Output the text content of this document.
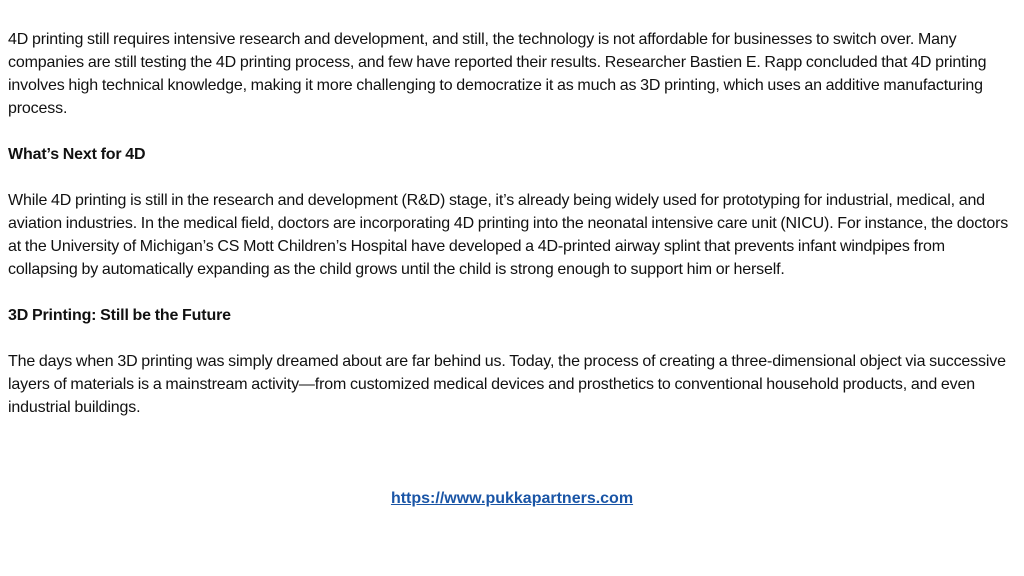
4D printing still requires intensive research and development, and still, the technology is not affordable for businesses to switch over. Many companies are still testing the 4D printing process, and few have reported their results. Researcher Bastien E. Rapp concluded that 4D printing involves high technical knowledge, making it more challenging to democratize it as much as 3D printing, which uses an additive manufacturing process.

What’s Next for 4D

While 4D printing is still in the research and development (R&D) stage, it’s already being widely used for prototyping for industrial, medical, and aviation industries. In the medical field, doctors are incorporating 4D printing into the neonatal intensive care unit (NICU). For instance, the doctors at the University of Michigan’s CS Mott Children’s Hospital have developed a 4D-printed airway splint that prevents infant windpipes from collapsing by automatically expanding as the child grows until the child is strong enough to support him or herself.

3D Printing: Still be the Future

The days when 3D printing was simply dreamed about are far behind us. Today, the process of creating a three-dimensional object via successive layers of materials is a mainstream activity—from customized medical devices and prosthetics to conventional household products, and even industrial buildings.

https://www.pukkapartners.com
